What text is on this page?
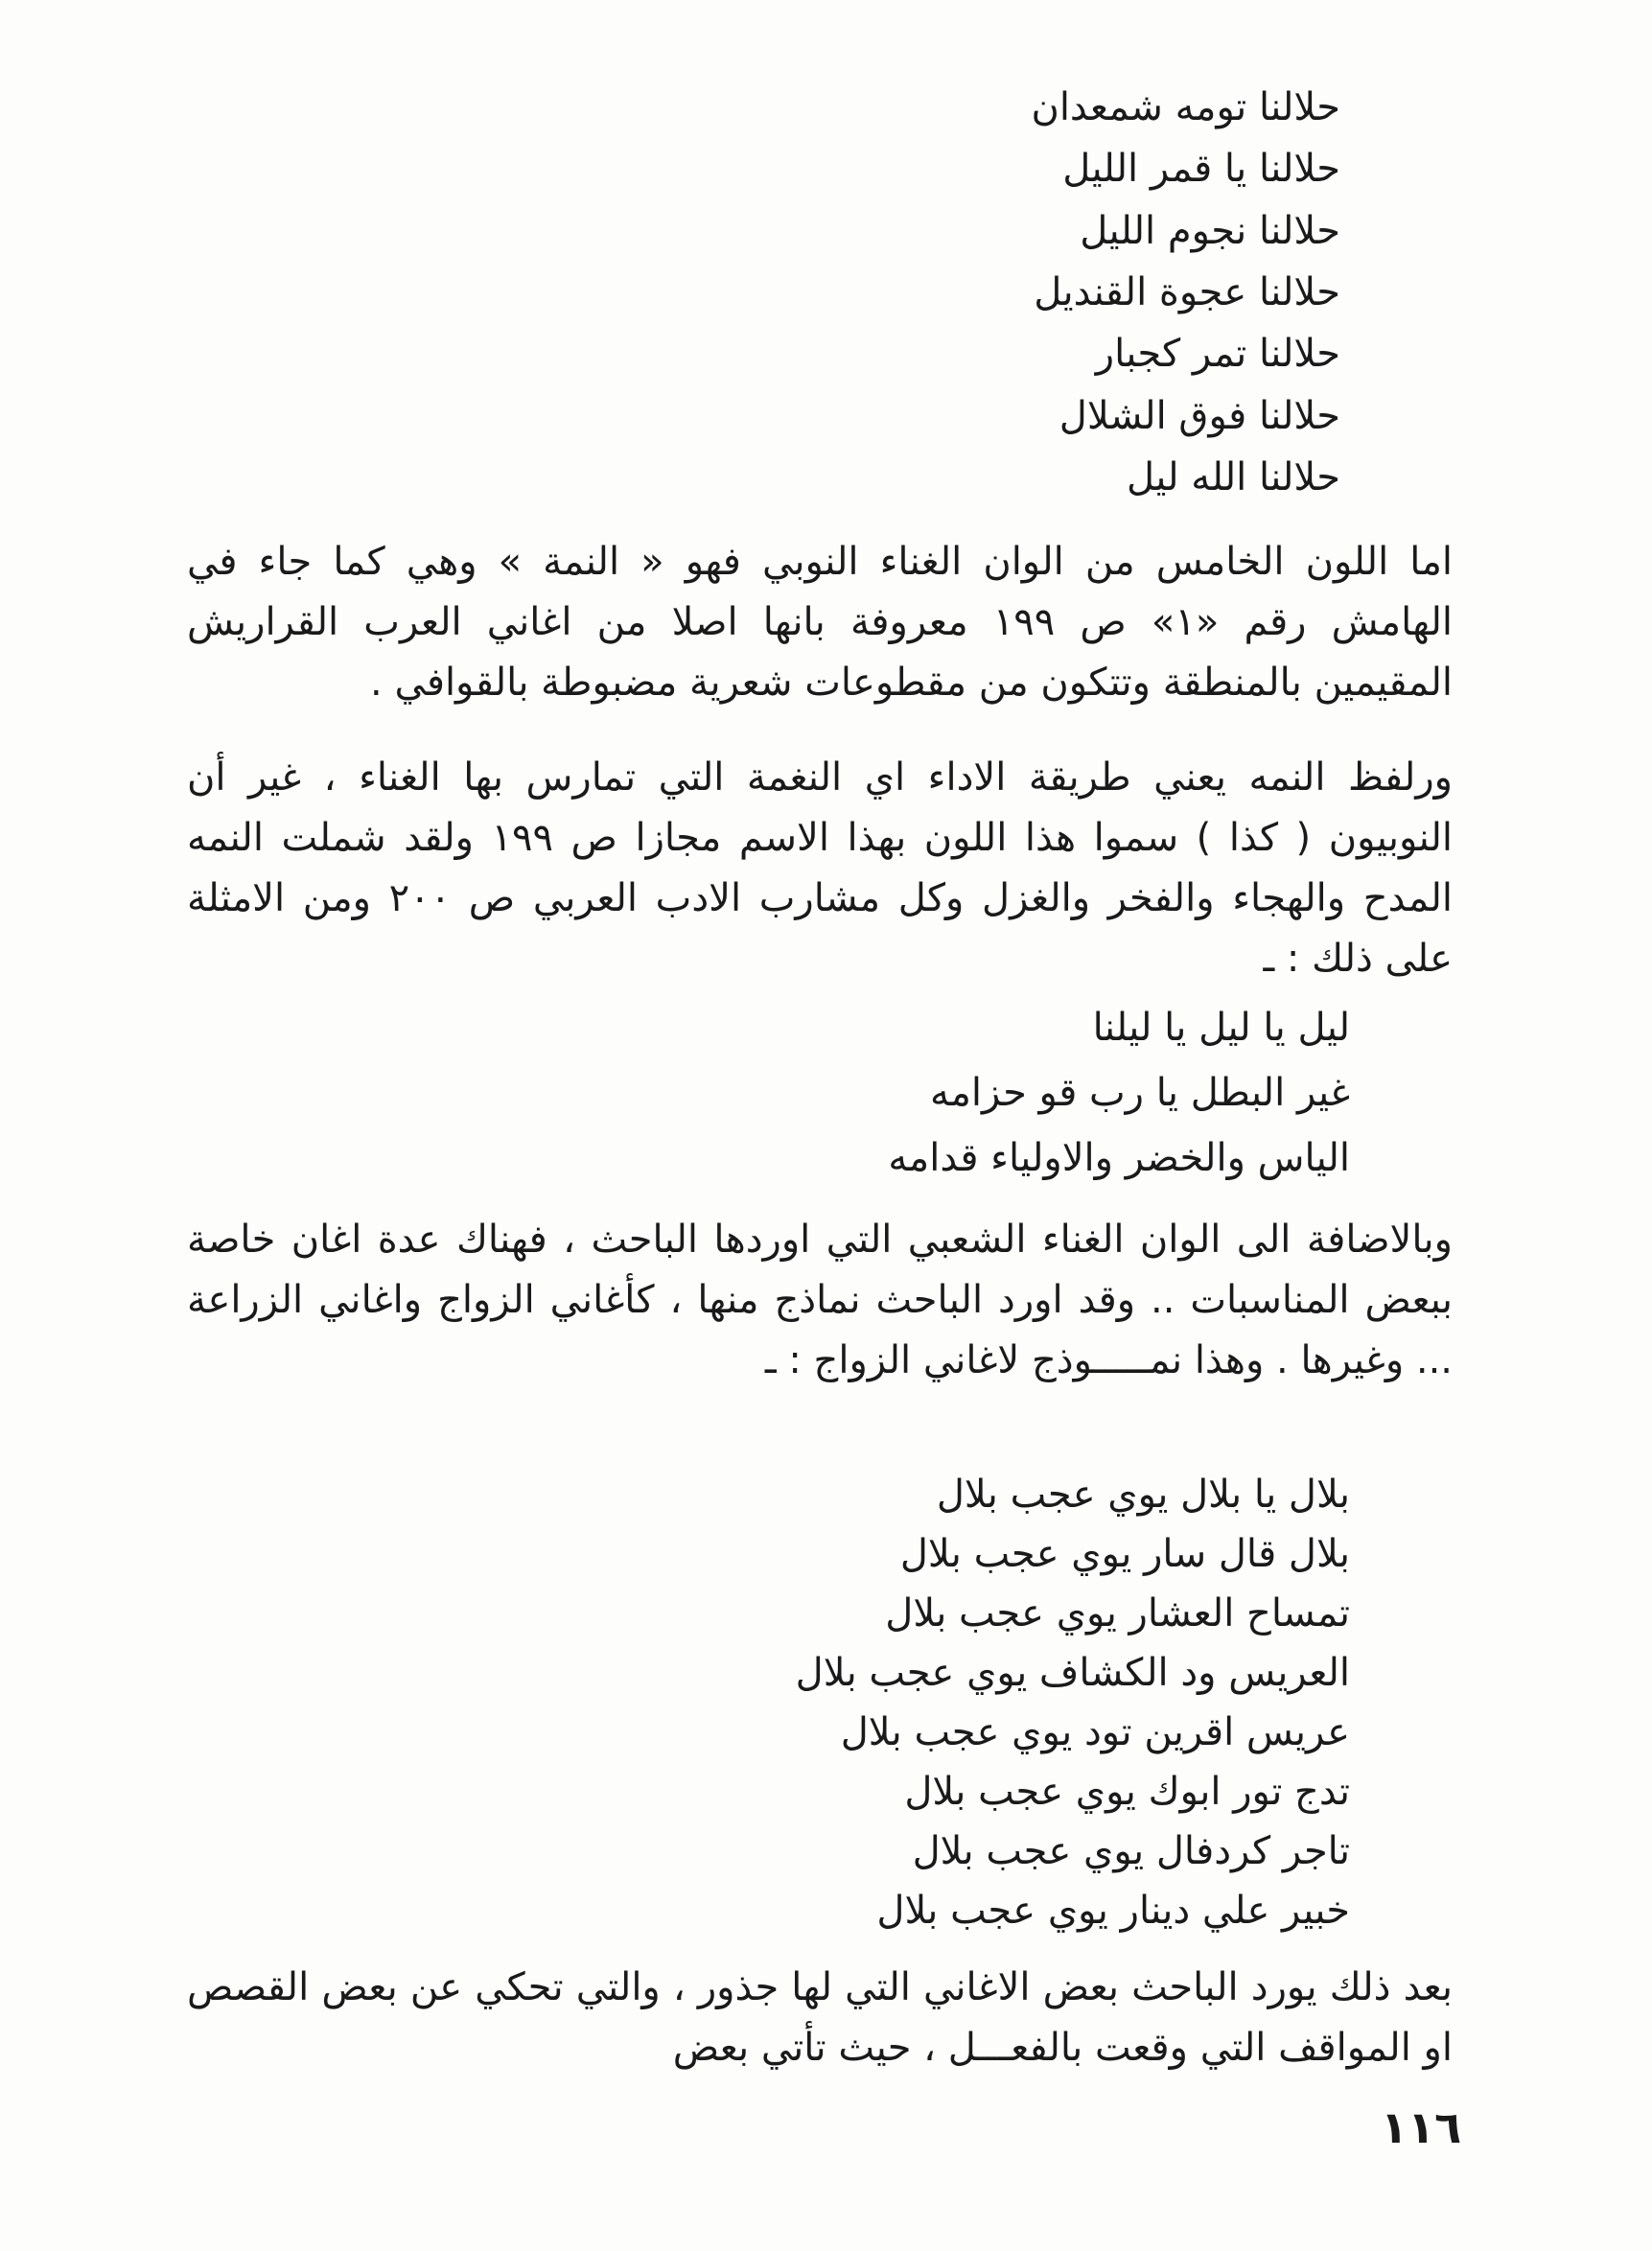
حلالنا تومه شمعدان
حلالنا يا قمر الليل
حلالنا نجوم الليل
حلالنا عجوة القنديل
حلالنا تمر كجبار
حلالنا فوق الشلال
حلالنا الله ليل
اما اللون الخامس من الوان الغناء النوبي فهو « النمة » وهي كما جاء في الهامش رقم «١» ص ١٩٩ معروفة بانها اصلا من اغاني العرب القراريش المقيمين بالمنطقة وتتكون من مقطوعات شعرية مضبوطة بالقوافي .
ورلفظ النمه يعني طريقة الاداء اي النغمة التي تمارس بها الغناء ، غير أن النوبيون ( كذا ) سموا هذا اللون بهذا الاسم مجازا ص ١٩٩ ولقد شملت النمه المدح والهجاء والفخر والغزل وكل مشارب الادب العربي ص ٢٠٠ ومن الامثلة على ذلك : ـ
ليل يا ليل يا ليلنا
غير البطل يا رب قو حزامه
الياس والخضر والاولياء قدامه
وبالاضافة الى الوان الغناء الشعبي التي اوردها الباحث ، فهناك عدة اغان خاصة ببعض المناسبات .. وقد اورد الباحث نماذج منها ، كأغاني الزواج واغاني الزراعة ... وغيرها . وهذا نمـــــوذج لاغاني الزواج : ـ
بلال يا بلال يوي عجب بلال
بلال قال سار يوي عجب بلال
تمساح العشار يوي عجب بلال
العريس ود الكشاف يوي عجب بلال
عريس اقرين تود يوي عجب بلال
تدج تور ابوك يوي عجب بلال
تاجر كردفال يوي عجب بلال
خبير علي دينار يوي عجب بلال
بعد ذلك يورد الباحث بعض الاغاني التي لها جذور ، والتي تحكي عن بعض القصص او المواقف التي وقعت بالفعـــل ، حيث تأتي بعض
١١٦
